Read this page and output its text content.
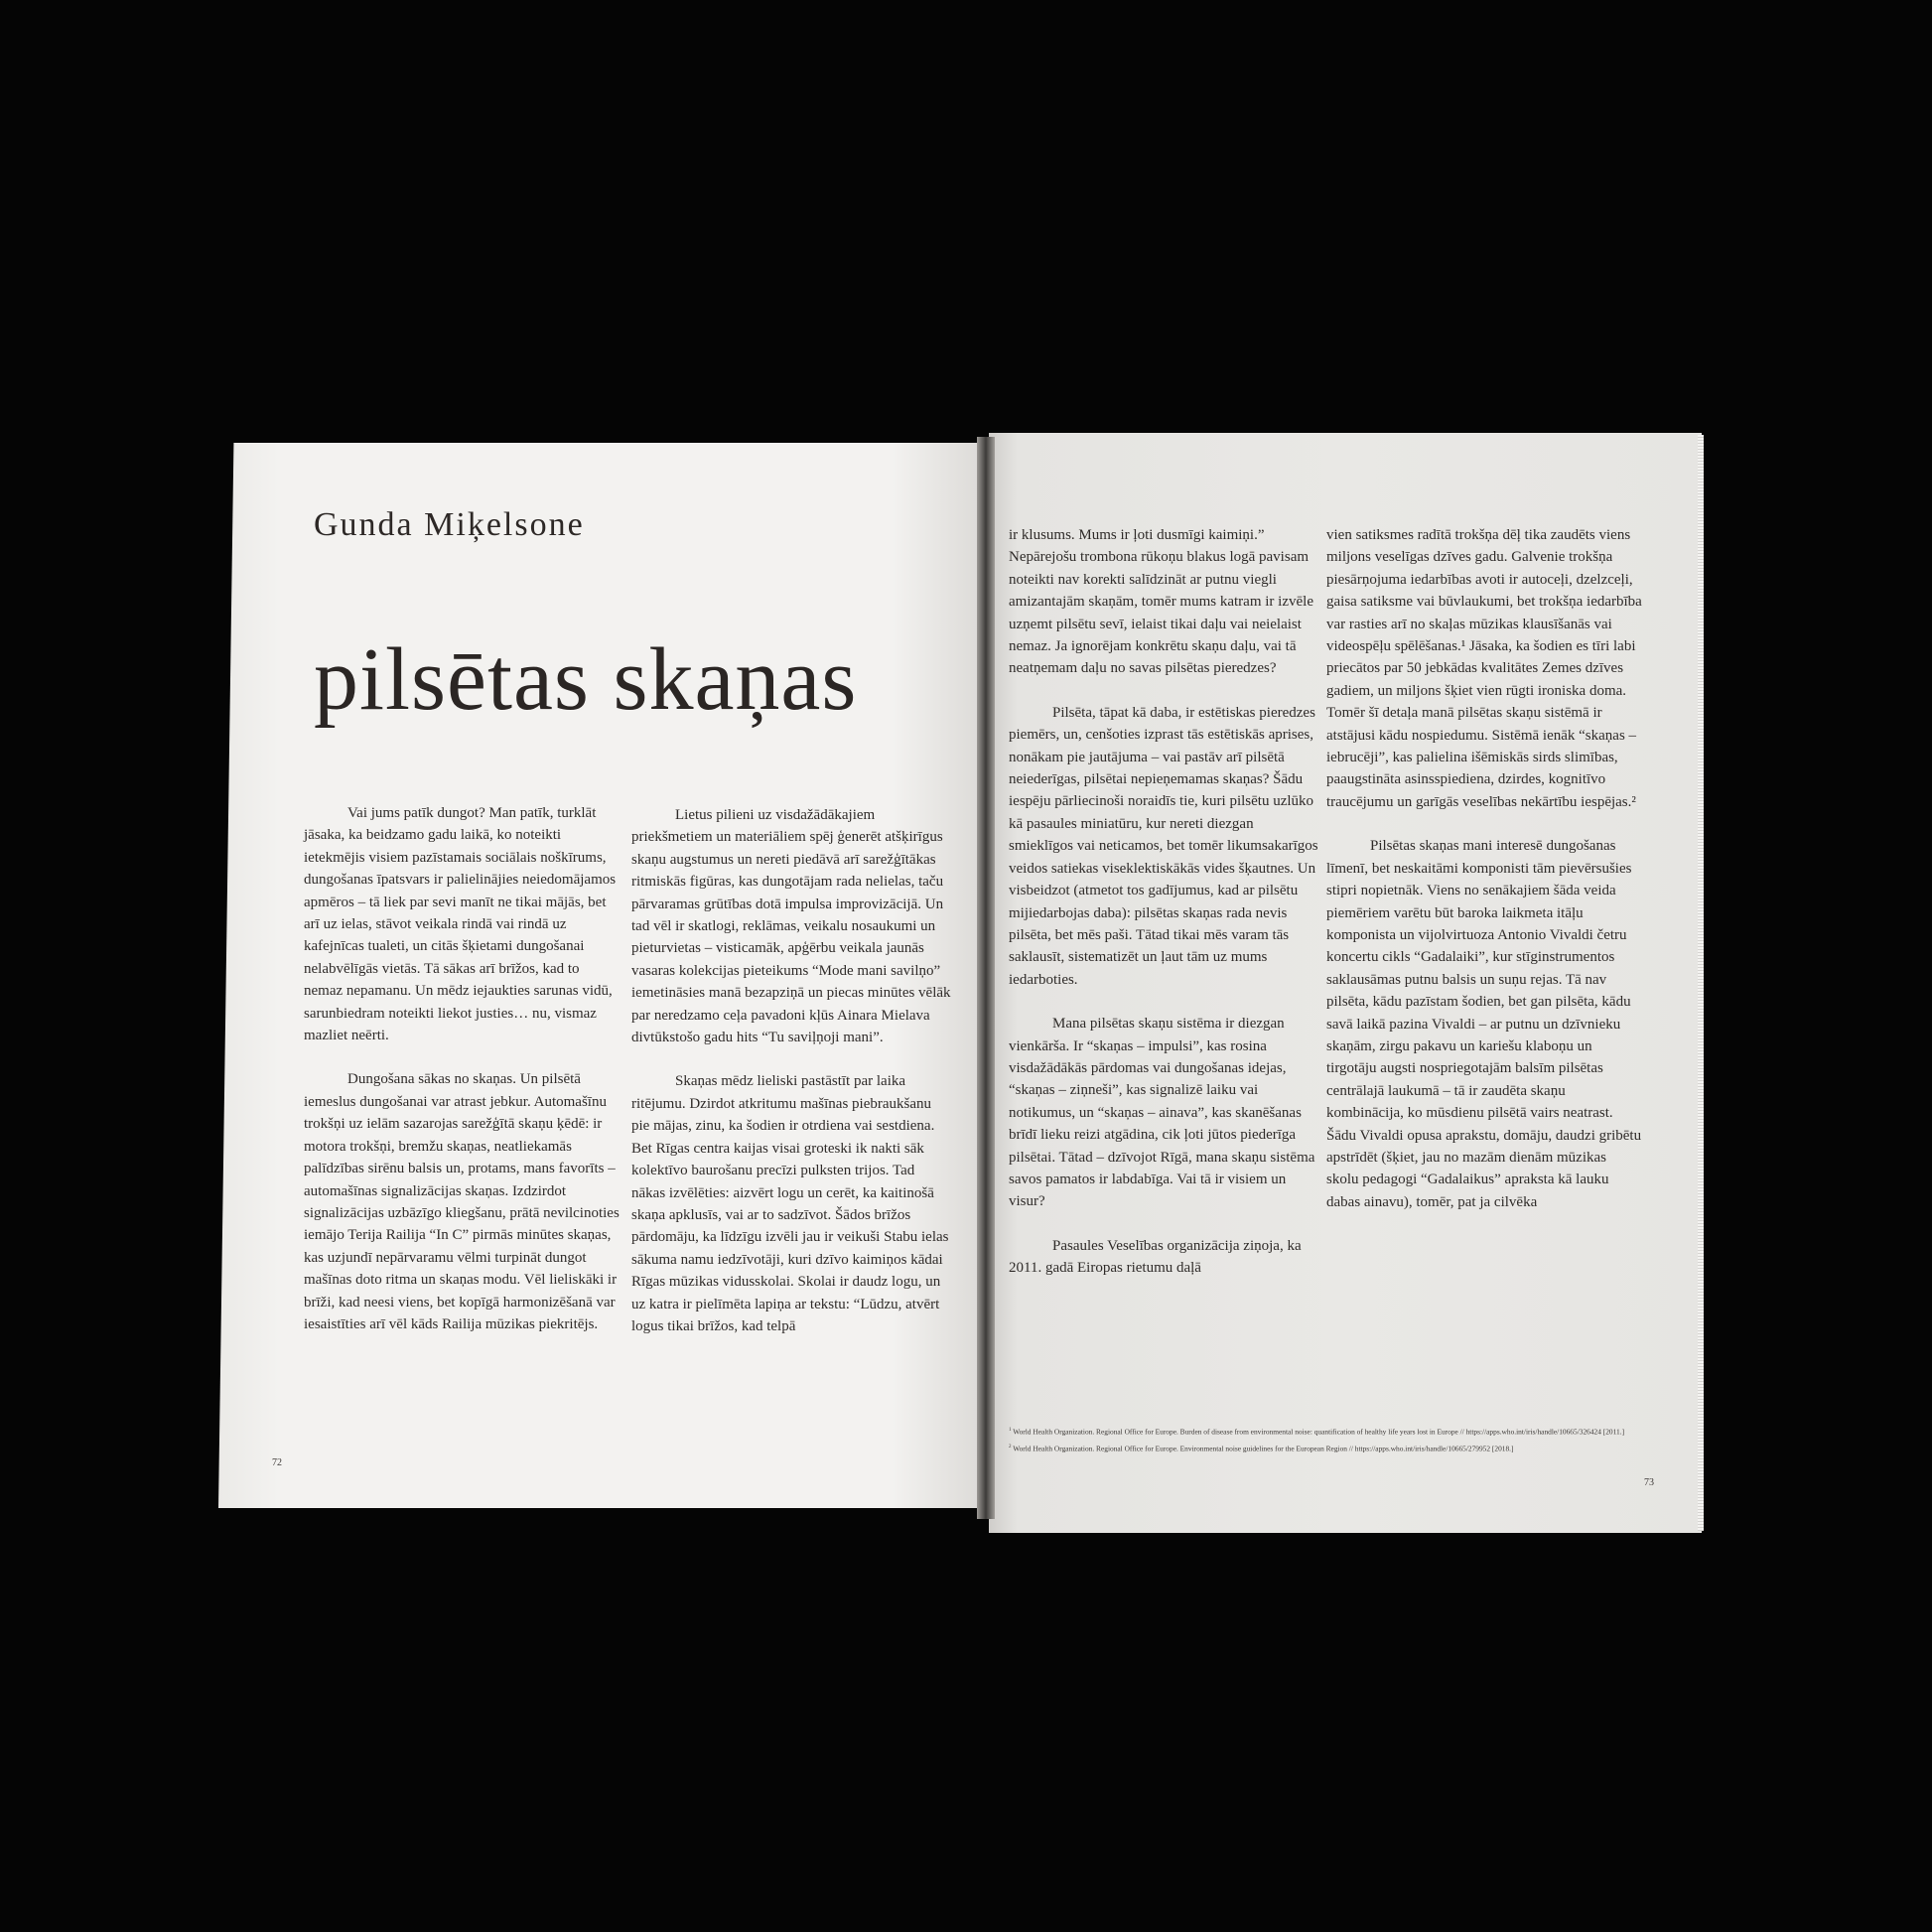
Gunda Miķelsone
pilsētas skaņas

Vai jums patīk dungot? Man patīk, turklāt jāsaka, ka beidzamo gadu laikā, ko noteikti ietekmējis visiem pazīstamais sociālais noškīrums, dungošanas īpatsvars ir palielinājies neiedomājamos apmēros – tā liek par sevi manīt ne tikai mājās, bet arī uz ielas, stāvot veikala rindā vai rindā uz kafejnīcas tualeti, un citās šķietami dungošanai nelabvēlīgās vietās. Tā sākas arī brīžos, kad to nemaz nepamanu. Un mēdz iejaukties sarunas vidū, sarunbiedram noteikti liekot justies… nu, vismaz mazliet neērti.

Dungošana sākas no skaņas. Un pilsētā iemeslus dungošanai var atrast jebkur. Automašīnu trokšņi uz ielām sazarojas sarežģītā skaņu ķēdē: ir motora trokšņi, bremžu skaņas, neatliekamās palīdzības sirēnu balsis un, protams, mans favorīts – automašīnas signalizācijas skaņas. Izdzirdot signalizācijas uzbāzīgo kliegšanu, prātā nevilcinoties iemājo Terija Railija “In C” pirmās minūtes skaņas, kas uzjundī nepārvaramu vēlmi turpināt dungot mašīnas doto ritma un skaņas modu. Vēl lieliskāki ir brīži, kad neesi viens, bet kopīgā harmonizēšanā var iesaistīties arī vēl kāds Railija mūzikas piekritējs.

Lietus pilieni uz visdažādākajiem priekšmetiem un materiāliem spēj ģenerēt atšķirīgus skaņu augstumus un nereti piedāvā arī sarežģītākas ritmiskās figūras, kas dungotājam rada nelielas, taču pārvaramas grūtības dotā impulsa improvizācijā. Un tad vēl ir skatlogi, reklāmas, veikalu nosaukumi un pieturvietas – visticamāk, apģērbu veikala jaunās vasaras kolekcijas pieteikums “Mode mani savilņo” iemetināsies manā bezapziņā un piecas minūtes vēlāk par neredzamo ceļa pavadoni kļūs Ainara Mielava divtūkstošo gadu hits “Tu saviļņoji mani”.

Skaņas mēdz lieliski pastāstīt par laika ritējumu. Dzirdot atkritumu mašīnas piebraukšanu pie mājas, zinu, ka šodien ir otrdiena vai sestdiena. Bet Rīgas centra kaijas visai groteski ik nakti sāk kolektīvo baurošanu precīzi pulksten trijos. Tad nākas izvēlēties: aizvērt logu un cerēt, ka kaitinošā skaņa apklusīs, vai ar to sadzīvot. Šādos brīžos pārdomāju, ka līdzīgu izvēli jau ir veikuši Stabu ielas sākuma namu iedzīvotāji, kuri dzīvo kaimiņos kādai Rīgas mūzikas vidusskolai. Skolai ir daudz logu, un uz katra ir pielīmēta lapiņa ar tekstu: “Lūdzu, atvērt logus tikai brīžos, kad telpā

ir klusums. Mums ir ļoti dusmīgi kaimiņi.” Nepārejošu trombona rūkoņu blakus logā pavisam noteikti nav korekti salīdzināt ar putnu viegli amizantajām skaņām, tomēr mums katram ir izvēle uzņemt pilsētu sevī, ielaist tikai daļu vai neielaist nemaz. Ja ignorējam konkrētu skaņu daļu, vai tā neatņemam daļu no savas pilsētas pieredzes?

Pilsēta, tāpat kā daba, ir estētiskas pieredzes piemērs, un, cenšoties izprast tās estētiskās aprises, nonākam pie jautājuma – vai pastāv arī pilsētā neiederīgas, pilsētai nepieņemamas skaņas? Šādu iespēju pārliecinoši noraidīs tie, kuri pilsētu uzlūko kā pasaules miniatūru, kur nereti diezgan smieklīgos vai neticamos, bet tomēr likumsakarīgos veidos satiekas viseklektiskākās vides šķautnes. Un visbeidzot (atmetot tos gadījumus, kad ar pilsētu mijiedarbojas daba): pilsētas skaņas rada nevis pilsēta, bet mēs paši. Tātad tikai mēs varam tās saklausīt, sistematizēt un ļaut tām uz mums iedarboties.

Mana pilsētas skaņu sistēma ir diezgan vienkārša. Ir “skaņas – impulsi”, kas rosina visdažādākās pārdomas vai dungošanas idejas, “skaņas – ziņneši”, kas signalizē laiku vai notikumus, un “skaņas – ainava”, kas skanēšanas brīdī lieku reizi atgādina, cik ļoti jūtos piederīga pilsētai. Tātad – dzīvojot Rīgā, mana skaņu sistēma savos pamatos ir labdabīga. Vai tā ir visiem un visur?

Pasaules Veselības organizācija ziņoja, ka 2011. gadā Eiropas rietumu daļā

vien satiksmes radītā trokšņa dēļ tika zaudēts viens miljons veselīgas dzīves gadu. Galvenie trokšņa piesārņojuma iedarbības avoti ir autoceļi, dzelzceļi, gaisa satiksme vai būvlaukumi, bet trokšņa iedarbība var rasties arī no skaļas mūzikas klausīšanās vai videospēļu spēlēšanas.¹ Jāsaka, ka šodien es tīri labi priecātos par 50 jebkādas kvalitātes Zemes dzīves gadiem, un miljons šķiet vien rūgti ironiska doma. Tomēr šī detaļa manā pilsētas skaņu sistēmā ir atstājusi kādu nospiedumu. Sistēmā ienāk “skaņas – iebrucēji”, kas palielina išēmiskās sirds slimības, paaugstināta asinsspiediena, dzirdes, kognitīvo traucējumu un garīgās veselības nekārtību iespējas.²

Pilsētas skaņas mani interesē dungošanas līmenī, bet neskaitāmi komponisti tām pievērsušies stipri nopietnāk. Viens no senākajiem šāda veida piemēriem varētu būt baroka laikmeta itāļu komponista un vijolvirtuoza Antonio Vivaldi četru koncertu cikls “Gadalaiki”, kur stīginstrumentos saklausāmas putnu balsis un suņu rejas. Tā nav pilsēta, kādu pazīstam šodien, bet gan pilsēta, kādu savā laikā pazina Vivaldi – ar putnu un dzīvnieku skaņām, zirgu pakavu un kariešu klaboņu un tirgotāju augsti nospriegotajām balsīm pilsētas centrālajā laukumā – tā ir zaudēta skaņu kombinācija, ko mūsdienu pilsētā vairs neatrast. Šādu Vivaldi opusa aprakstu, domāju, daudzi gribētu apstrīdēt (šķiet, jau no mazām dienām mūzikas skolu pedagogi “Gadalaikus” apraksta kā lauku dabas ainavu), tomēr, pat ja cilvēka

$^1$ World Health Organization. Regional Office for Europe. Burden of disease from environmental noise: quantification of healthy life years lost in Europe // https://apps.who.int/iris/handle/10665/326424 [2011.]

$^2$ World Health Organization. Regional Office for Europe. Environmental noise guidelines for the European Region // https://apps.who.int/iris/handle/10665/279952 [2018.]

72
73
